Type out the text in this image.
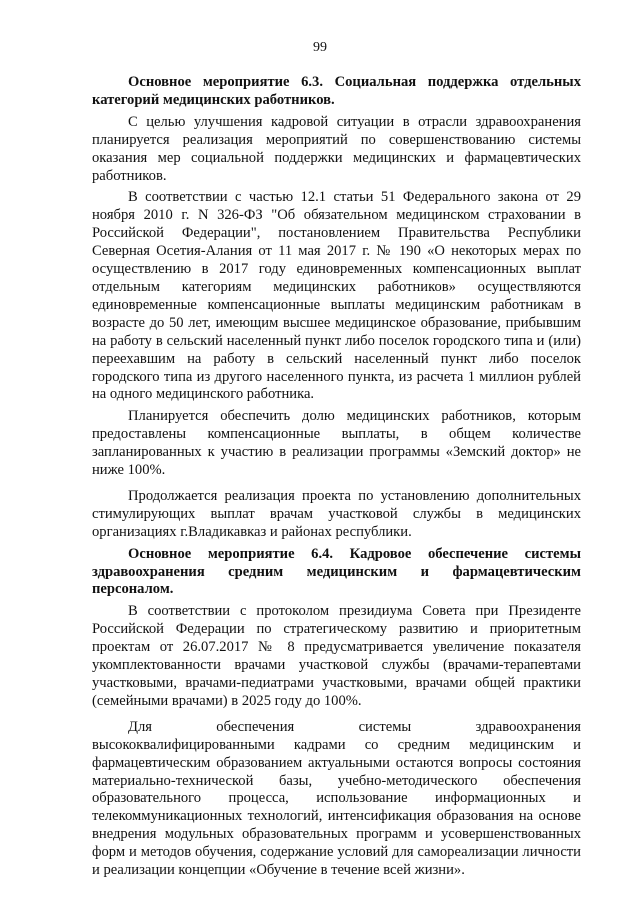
99

Основное мероприятие 6.3. Социальная поддержка отдельных категорий медицинских работников.

С целью улучшения кадровой ситуации в отрасли здравоохранения планируется реализация мероприятий по совершенствованию системы оказания мер социальной поддержки медицинских и фармацевтических работников.

В соответствии с частью 12.1 статьи 51 Федерального закона от 29 ноября 2010 г. N 326-ФЗ "Об обязательном медицинском страховании в Российской Федерации", постановлением Правительства Республики Северная Осетия-Алания от 11 мая 2017 г. № 190 «О некоторых мерах по осуществлению в 2017 году единовременных компенсационных выплат отдельным категориям медицинских работников» осуществляются единовременные компенсационные выплаты медицинским работникам в возрасте до 50 лет, имеющим высшее медицинское образование, прибывшим на работу в сельский населенный пункт либо поселок городского типа и (или) переехавшим на работу в сельский населенный пункт либо поселок городского типа из другого населенного пункта, из расчета 1 миллион рублей на одного медицинского работника.

Планируется обеспечить долю медицинских работников, которым предоставлены компенсационные выплаты, в общем количестве запланированных к участию в реализации программы «Земский доктор» не ниже 100%.

Продолжается реализация проекта по установлению дополнительных стимулирующих выплат врачам участковой службы в медицинских организациях г.Владикавказ и районах республики.

Основное мероприятие 6.4. Кадровое обеспечение системы здравоохранения средним медицинским и фармацевтическим персоналом.

В соответствии с протоколом президиума Совета при Президенте Российской Федерации по стратегическому развитию и приоритетным проектам от 26.07.2017 № 8 предусматривается увеличение показателя укомплектованности врачами участковой службы (врачами-терапевтами участковыми, врачами-педиатрами участковыми, врачами общей практики (семейными врачами) в 2025 году до 100%.

Для обеспечения системы здравоохранения высококвалифицированными кадрами со средним медицинским и фармацевтическим образованием актуальными остаются вопросы состояния материально-технической базы, учебно-методического обеспечения образовательного процесса, использование информационных и телекоммуникационных технологий, интенсификация образования на основе внедрения модульных образовательных программ и усовершенствованных форм и методов обучения, содержание условий для самореализации личности и реализации концепции «Обучение в течение всей жизни».
